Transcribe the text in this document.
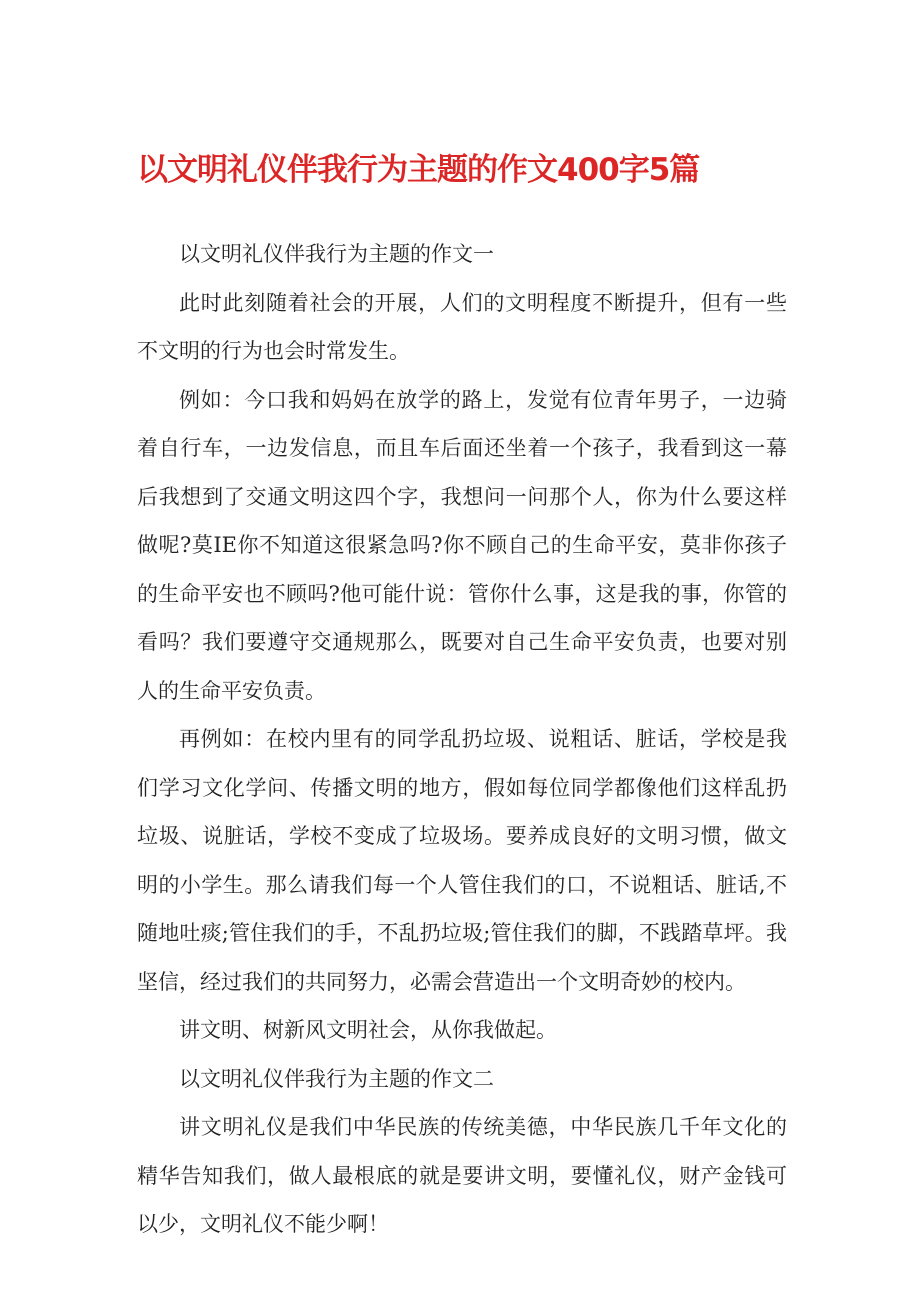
以文明礼仪伴我行为主题的作文400字5篇

以文明礼仪伴我行为主题的作文一

此时此刻随着社会的开展，人们的文明程度不断提升，但有一些不文明的行为也会时常发生。

例如：今口我和妈妈在放学的路上，发觉有位青年男子，一边骑着自行车，一边发信息，而且车后面还坐着一个孩子，我看到这一幕后我想到了交通文明这四个字，我想问一问那个人，你为什么要这样做呢?莫IE你不知道这很紧急吗?你不顾自己的生命平安，莫非你孩子的生命平安也不顾吗?他可能什说：管你什么事，这是我的事，你管的看吗？我们要遵守交通规那么，既要对自己生命平安负责，也要对别人的生命平安负责。

再例如：在校内里有的同学乱扔垃圾、说粗话、脏话，学校是我们学习文化学问、传播文明的地方，假如每位同学都像他们这样乱扔垃圾、说脏话，学校不变成了垃圾场。要养成良好的文明习惯，做文明的小学生。那么请我们每一个人管住我们的口，不说粗话、脏话,不随地吐痰;管住我们的手，不乱扔垃圾;管住我们的脚，不践踏草坪。我坚信，经过我们的共同努力，必需会营造出一个文明奇妙的校内。

讲文明、树新风文明社会，从你我做起。

以文明礼仪伴我行为主题的作文二

讲文明礼仪是我们中华民族的传统美德，中华民族几千年文化的精华告知我们，做人最根底的就是要讲文明，要懂礼仪，财产金钱可以少，文明礼仪不能少啊！
